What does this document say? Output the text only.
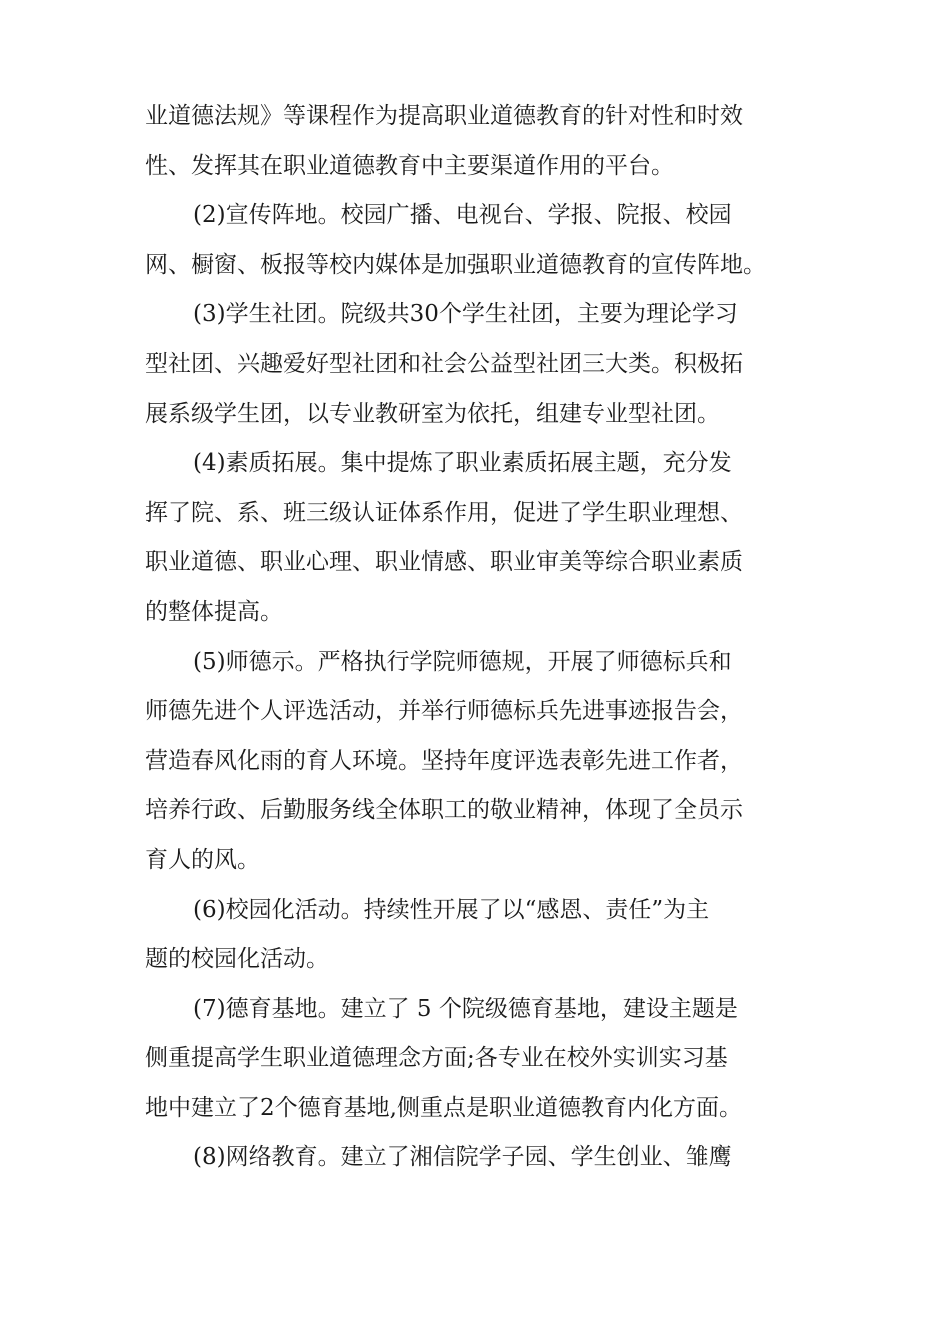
业道德法规》等课程作为提高职业道德教育的针对性和时效
性、发挥其在职业道德教育中主要渠道作用的平台。
(2)宣传阵地。校园广播、电视台、学报、院报、校园
网、橱窗、板报等校内媒体是加强职业道德教育的宣传阵地。
(3)学生社团。院级共30个学生社团，主要为理论学习
型社团、兴趣爱好型社团和社会公益型社团三大类。积极拓
展系级学生团，以专业教研室为依托，组建专业型社团。
(4)素质拓展。集中提炼了职业素质拓展主题，充分发
挥了院、系、班三级认证体系作用，促进了学生职业理想、
职业道德、职业心理、职业情感、职业审美等综合职业素质
的整体提高。
(5)师德示。严格执行学院师德规，开展了师德标兵和
师德先进个人评选活动，并举行师德标兵先进事迹报告会，
营造春风化雨的育人环境。坚持年度评选表彰先进工作者，
培养行政、后勤服务线全体职工的敬业精神，体现了全员示
育人的风。
(6)校园化活动。持续性开展了以“感恩、责任”为主
题的校园化活动。
(7)德育基地。建立了 5 个院级德育基地，建设主题是
侧重提高学生职业道德理念方面;各专业在校外实训实习基
地中建立了2个德育基地,侧重点是职业道德教育内化方面。
(8)网络教育。建立了湘信院学子园、学生创业、雏鹰
